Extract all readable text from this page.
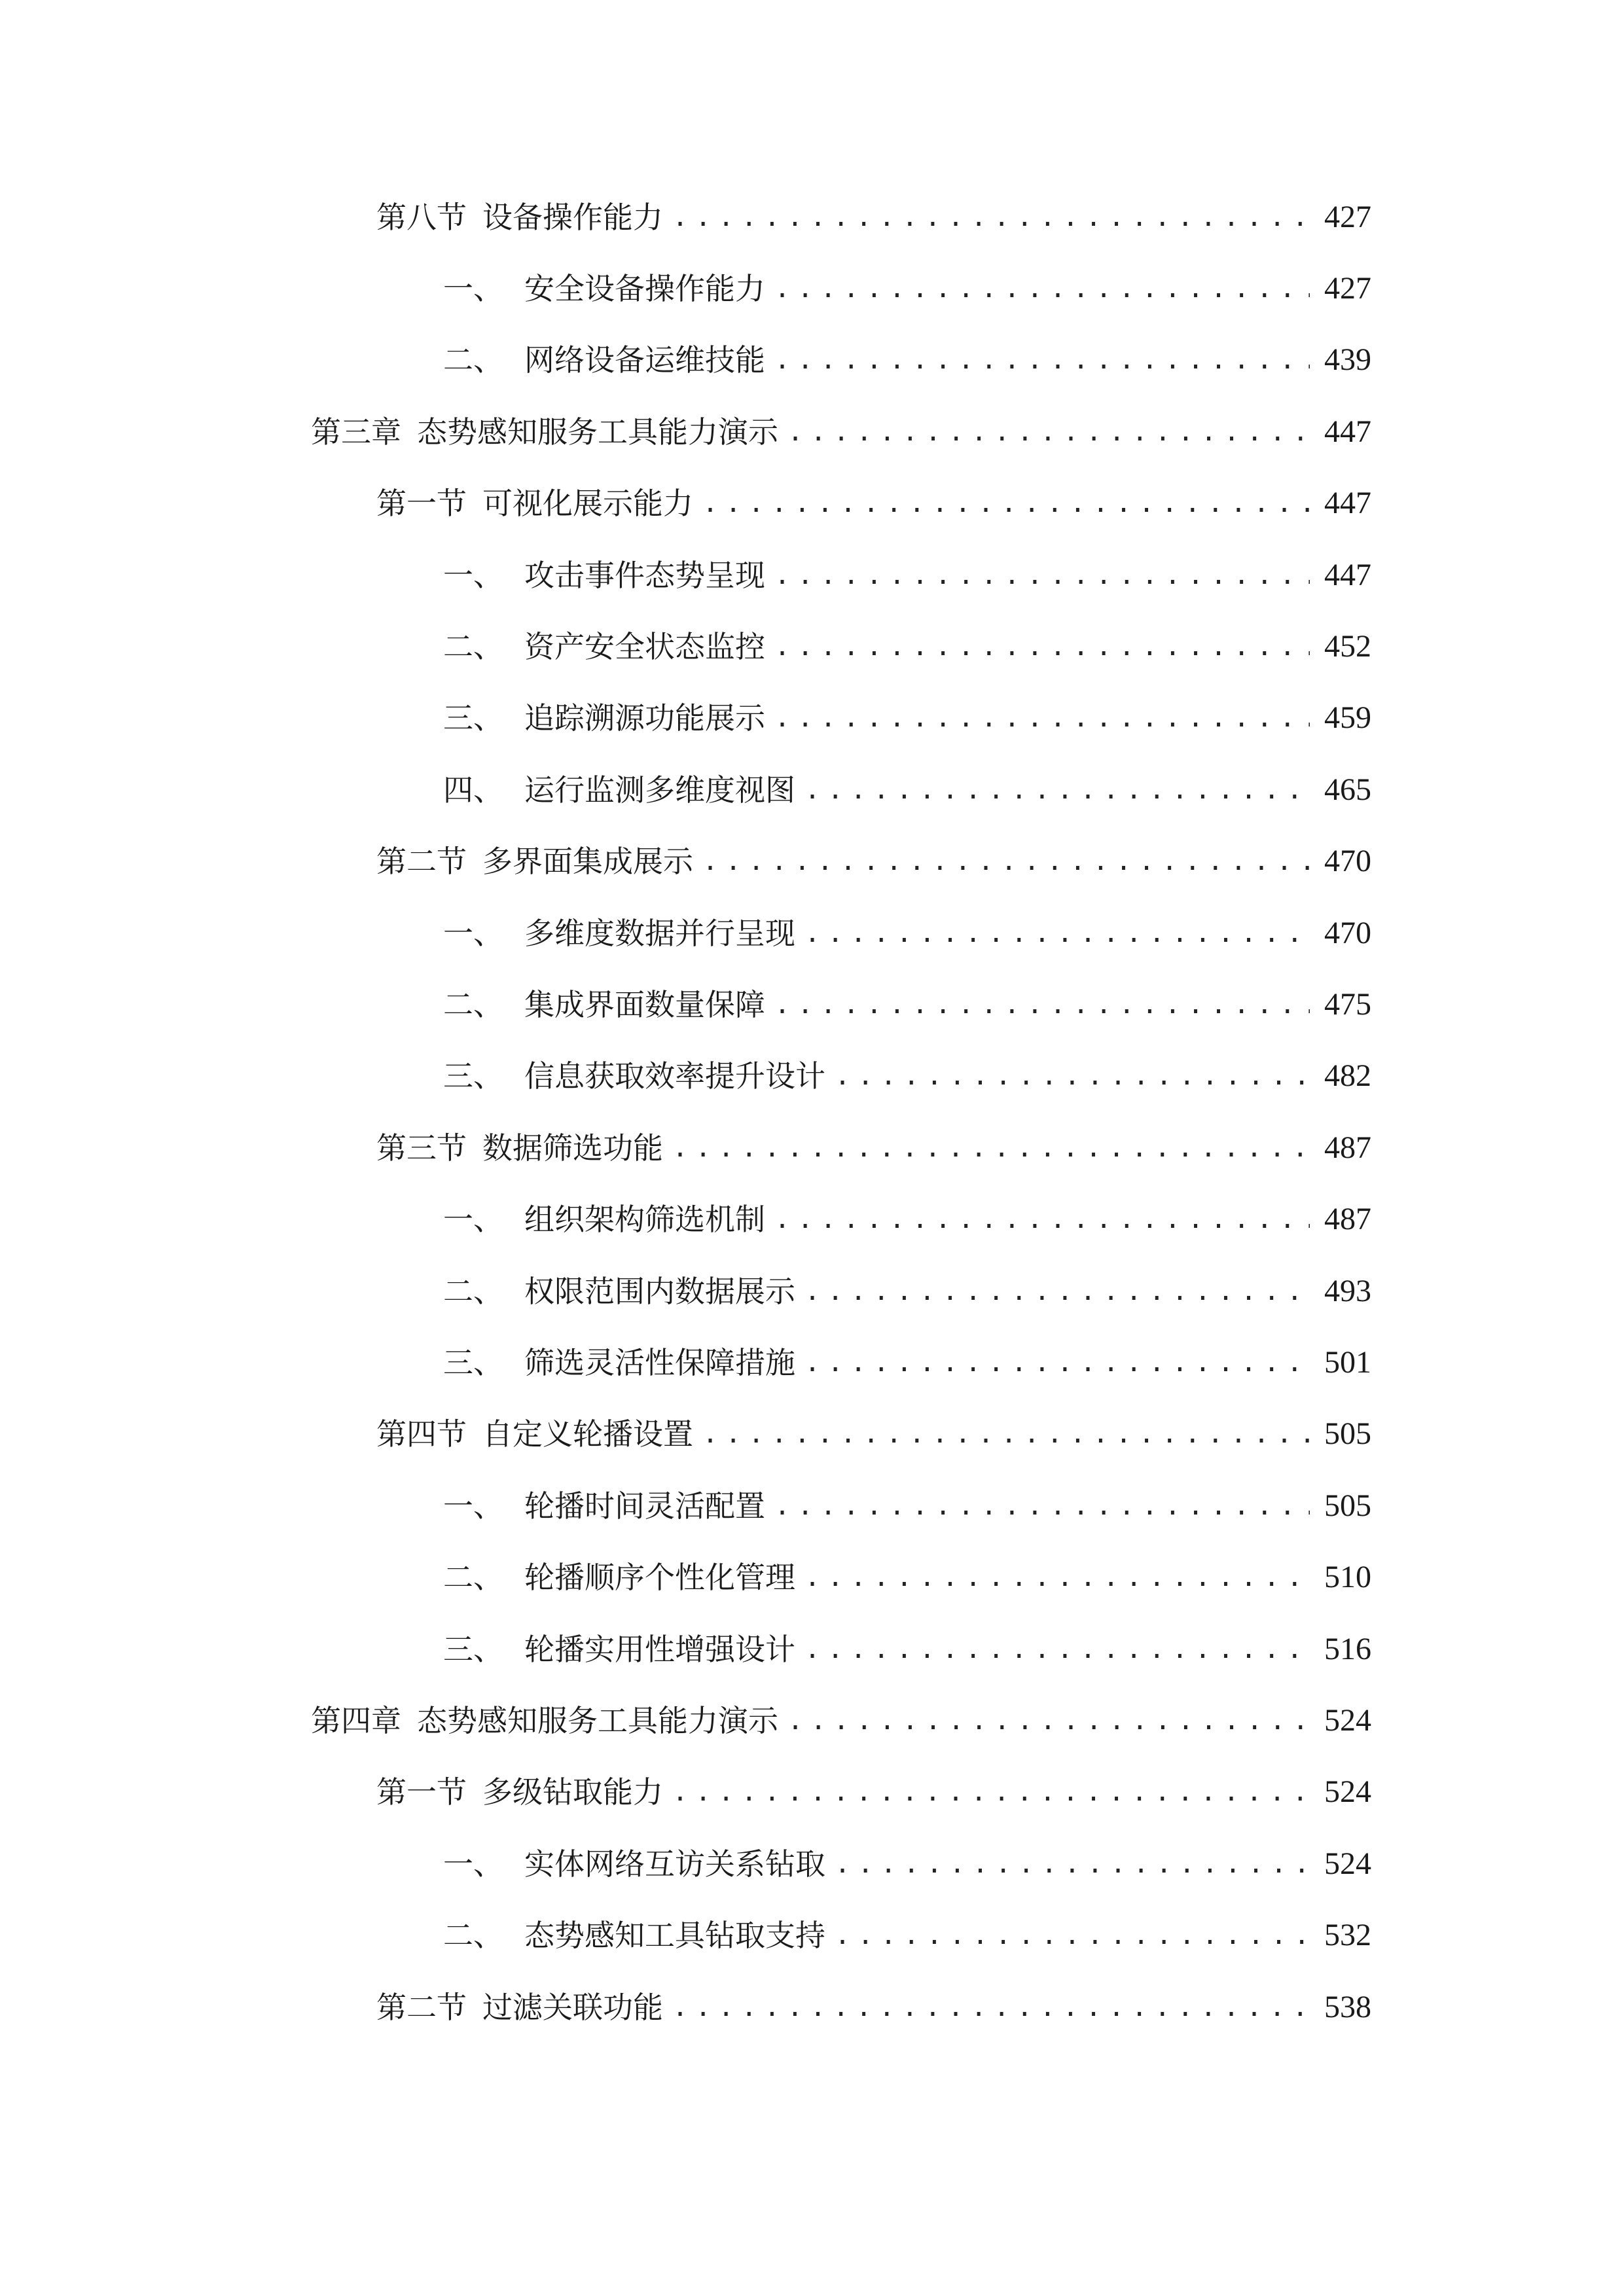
第八节 设备操作能力 .....	427
一、 安全设备操作能力 .....	427
二、 网络设备运维技能 .....	439
第三章 态势感知服务工具能力演示 .....	447
第一节 可视化展示能力 .....	447
一、 攻击事件态势呈现 .....	447
二、 资产安全状态监控 .....	452
三、 追踪溯源功能展示 .....	459
四、 运行监测多维度视图 .....	465
第二节 多界面集成展示 .....	470
一、 多维度数据并行呈现 .....	470
二、 集成界面数量保障 .....	475
三、 信息获取效率提升设计 .....	482
第三节 数据筛选功能 .....	487
一、 组织架构筛选机制 .....	487
二、 权限范围内数据展示 .....	493
三、 筛选灵活性保障措施 .....	501
第四节 自定义轮播设置 .....	505
一、 轮播时间灵活配置 .....	505
二、 轮播顺序个性化管理 .....	510
三、 轮播实用性增强设计 .....	516
第四章 态势感知服务工具能力演示 .....	524
第一节 多级钻取能力 .....	524
一、 实体网络互访关系钻取 .....	524
二、 态势感知工具钻取支持 .....	532
第二节 过滤关联功能 .....	538
